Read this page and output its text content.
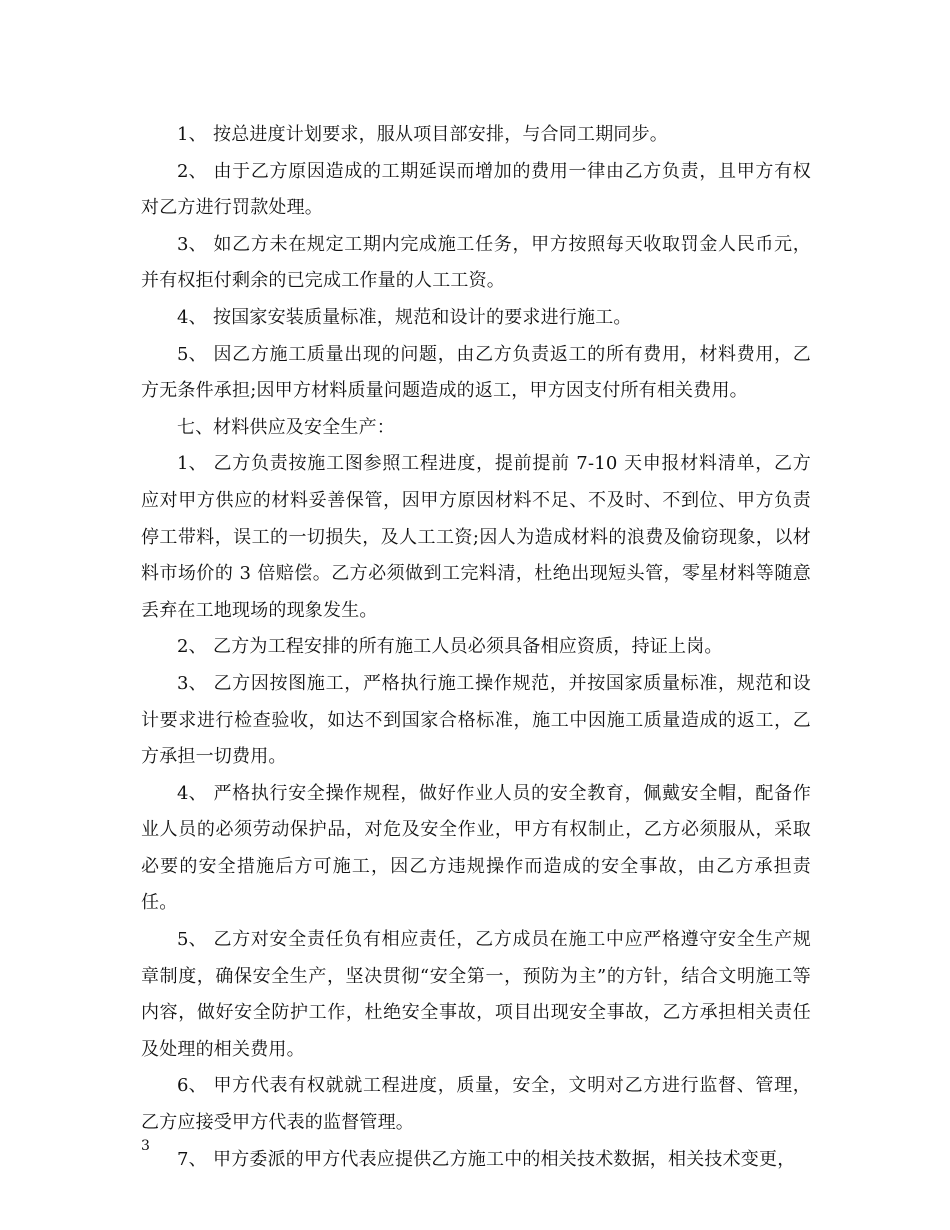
1、 按总进度计划要求，服从项目部安排，与合同工期同步。

2、 由于乙方原因造成的工期延误而增加的费用一律由乙方负责，且甲方有权对乙方进行罚款处理。

3、 如乙方未在规定工期内完成施工任务，甲方按照每天收取罚金人民币元，并有权拒付剩余的已完成工作量的人工工资。

4、 按国家安装质量标准，规范和设计的要求进行施工。

5、 因乙方施工质量出现的问题，由乙方负责返工的所有费用，材料费用，乙方无条件承担;因甲方材料质量问题造成的返工，甲方因支付所有相关费用。

七、材料供应及安全生产：

1、 乙方负责按施工图参照工程进度，提前提前 7-10 天申报材料清单，乙方应对甲方供应的材料妥善保管，因甲方原因材料不足、不及时、不到位、甲方负责停工带料，误工的一切损失，及人工工资;因人为造成材料的浪费及偷窃现象，以材料市场价的 3 倍赔偿。乙方必须做到工完料清，杜绝出现短头管，零星材料等随意丢弃在工地现场的现象发生。

2、 乙方为工程安排的所有施工人员必须具备相应资质，持证上岗。

3、 乙方因按图施工，严格执行施工操作规范，并按国家质量标准，规范和设计要求进行检查验收，如达不到国家合格标准，施工中因施工质量造成的返工，乙方承担一切费用。

4、 严格执行安全操作规程，做好作业人员的安全教育，佩戴安全帽，配备作业人员的必须劳动保护品，对危及安全作业，甲方有权制止，乙方必须服从，采取必要的安全措施后方可施工，因乙方违规操作而造成的安全事故，由乙方承担责任。

5、 乙方对安全责任负有相应责任，乙方成员在施工中应严格遵守安全生产规章制度，确保安全生产，坚决贯彻“安全第一，预防为主”的方针，结合文明施工等内容，做好安全防护工作，杜绝安全事故，项目出现安全事故，乙方承担相关责任及处理的相关费用。

6、 甲方代表有权就就工程进度，质量，安全，文明对乙方进行监督、管理，乙方应接受甲方代表的监督管理。

7、 甲方委派的甲方代表应提供乙方施工中的相关技术数据，相关技术变更，

3
